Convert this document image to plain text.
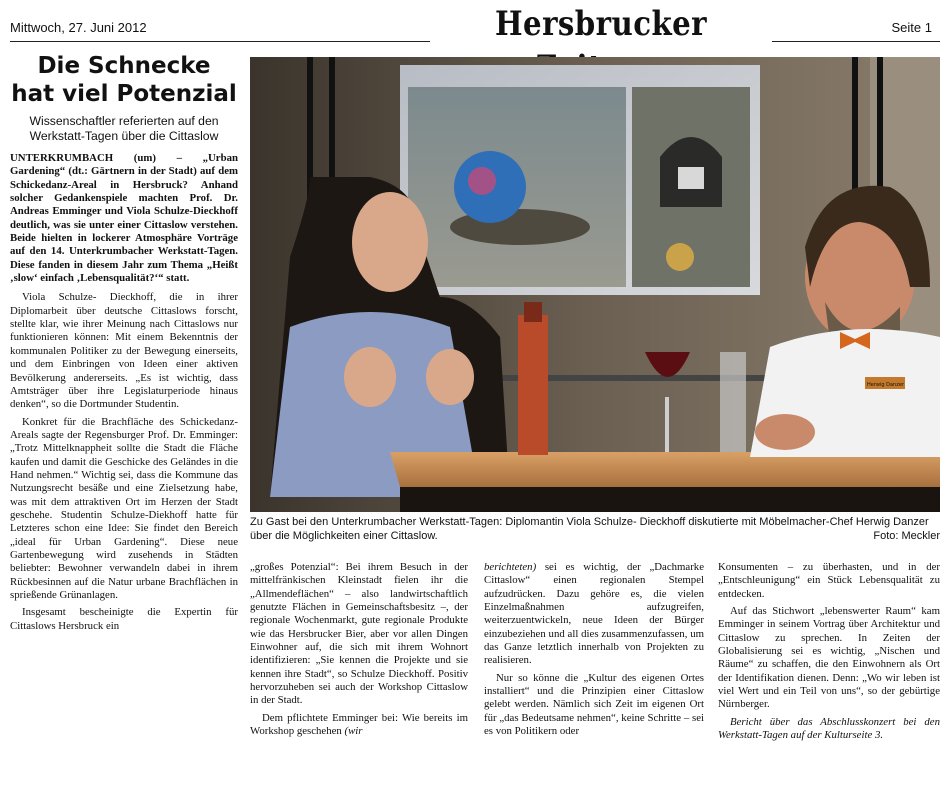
Mittwoch, 27. Juni 2012	Hersbrucker	Seite 1
Die Schnecke
hat viel Potenzial
Wissenschaftler referierten auf den Werkstatt-Tagen über die Cittaslow

UNTERKRUMBACH (um) – „Urban Gardening“ (dt.: Gärtnern in der Stadt) auf dem Schickedanz-Areal in Hersbruck? Anhand solcher Gedankenspiele machten Prof. Dr. Andreas Emminger und Viola Schulze-Dieckhoff deutlich, was sie unter einer Cittaslow verstehen. Beide hielten in lockerer Atmosphäre Vorträge auf den 14. Unterkrumbacher Werkstatt-Tagen. Diese fanden in diesem Jahr zum Thema „Heißt ‚slow‘ einfach ‚Lebensqualität?‘“ statt.

Viola Schulze- Dieckhoff, die in ihrer Diplomarbeit über deutsche Cittaslows forscht, stellte klar, wie ihrer Meinung nach Cittaslows nur funktionieren können: Mit einem Bekenntnis der kommunalen Politiker zu der Bewegung einerseits, und dem Einbringen von Ideen einer aktiven Bevölkerung andererseits. „Es ist wichtig, dass Amtsträger über ihre Legislaturperiode hinaus denken“, so die Dortmunder Studentin.

Konkret für die Brachfläche des Schickedanz-Areals sagte der Regensburger Prof. Dr. Emminger: „Trotz Mittelknappheit sollte die Stadt die Fläche kaufen und damit die Geschicke des Geländes in die Hand nehmen.“ Wichtig sei, dass die Kommune das Nutzungsrecht besäße und eine Zielsetzung habe, was mit dem attraktiven Ort im Herzen der Stadt geschehe. Studentin Schulze-Diekhoff hatte für Letzteres schon eine Idee: Sie findet den Bereich „ideal für Urban Gardening“. Diese neue Gartenbewegung wird zusehends in Städten beliebter: Bewohner verwandeln dabei in ihrem Rückbesinnen auf die Natur urbane Brachflächen in sprießende Grünanlagen.

Insgesamt bescheinigte die Expertin für Cittaslows Hersbruck ein

Herwig Danzer
Zu Gast bei den Unterkrumbacher Werkstatt-Tagen: Diplomantin Viola Schulze- Dieckhoff diskutierte mit Möbelmacher-Chef Herwig Danzer über die Möglichkeiten einer Cittaslow.	Foto: Meckler

„großes Potenzial“: Bei ihrem Besuch in der mittelfränkischen Kleinstadt fielen ihr die „Allmendeflächen“ – also landwirtschaftlich genutzte Flächen in Gemeinschaftsbesitz –, der regionale Wochenmarkt, gute regionale Produkte wie das Hersbrucker Bier, aber vor allen Dingen Einwohner auf, die sich mit ihrem Wohnort identifizieren: „Sie kennen die Projekte und sie kennen ihre Stadt“, so Schulze Dieckhoff. Positiv hervorzuheben sei auch der Workshop Cittaslow in der Stadt.

Dem pflichtete Emminger bei: Wie bereits im Workshop geschehen (wir

berichteten) sei es wichtig, der „Dachmarke Cittaslow“ einen regionalen Stempel aufzudrücken. Dazu gehöre es, die vielen Einzelmaßnahmen aufzugreifen, weiterzuentwickeln, neue Ideen der Bürger einzubeziehen und all dies zusammenzufassen, um das Ganze letztlich innerhalb von Projekten zu realisieren.

Nur so könne die „Kultur des eigenen Ortes installiert“ und die Prinzipien einer Cittaslow gelebt werden. Nämlich sich Zeit im eigenen Ort für „das Bedeutsame nehmen“, keine Schritte – sei es von Politikern oder

Konsumenten – zu überhasten, und in der „Entschleunigung“ ein Stück Lebensqualität zu entdecken.

Auf das Stichwort „lebenswerter Raum“ kam Emminger in seinem Vortrag über Architektur und Cittaslow zu sprechen. In Zeiten der Globalisierung sei es wichtig, „Nischen und Räume“ zu schaffen, die den Einwohnern als Ort der Identifikation dienen. Denn: „Wo wir leben ist viel Wert und ein Teil von uns“, so der gebürtige Nürnberger.

Bericht über das Abschlusskonzert bei den Werkstatt-Tagen auf der Kulturseite 3.
